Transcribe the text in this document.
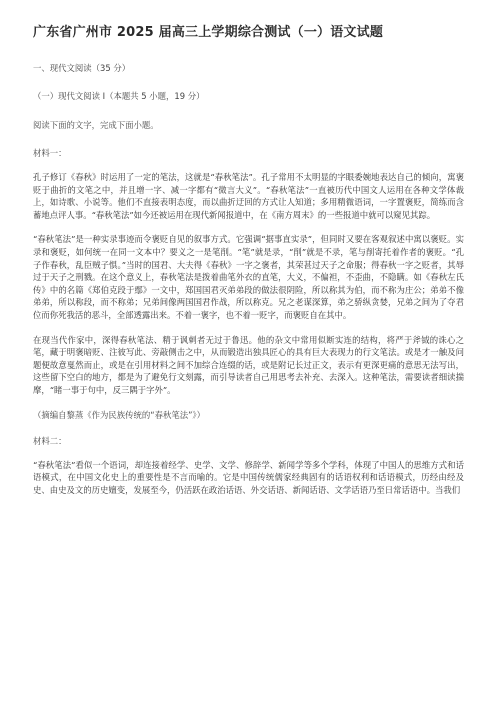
广东省广州市 2025 届高三上学期综合测试（一）语文试题

一、现代文阅读（35 分）

（一）现代文阅读 Ⅰ（本题共 5 小题，19 分）

阅读下面的文字，完成下面小题。

材料一：

孔子修订《春秋》时运用了一定的笔法，这就是“春秋笔法”。孔子常用不太明显的字眼委婉地表达自己的倾向，寓褒贬于曲折的文笔之中，并且增一字、减一字都有“微言大义”。“春秋笔法”一直被历代中国文人运用在各种文学体裁上，如诗歌、小说等。他们不直接表明态度，而以曲折迂回的方式让人知道；多用精微语词，一字置褒贬，简练而含蓄地点评人事。“春秋笔法”如今还被运用在现代新闻报道中，在《南方周末》的一些报道中就可以窥见其踪。

“春秋笔法”是一种实录事迹而令褒贬自见的叙事方式。它强调“据事直实录”，但同时又要在客观叙述中寓以褒贬。实录和褒贬，如何统一在同一文本中？要义之一是笔削。“笔”就是录，“削”就是不录，笔与削寄托着作者的褒贬。“孔子作春秋，乱臣贼子惧。”当时的国君、大夫得《春秋》一字之褒者，其荣甚过天子之命服；得春秋一字之贬者，其辱过于天子之刑戮。在这个意义上，春秋笔法是拨着曲笔外衣的直笔，大义，不偏袒，不歪曲，不隐瞒。如《春秋左氏传》中的名篇《郑伯克段于鄢》一文中，郑国国君灭弟弟段的做法很阴险，所以称其为伯，而不称为庄公；弟弟不像弟弟，所以称段，而不称弟；兄弟间像两国国君作战，所以称克。兄之老谋深算，弟之骄纵贪婪，兄弟之间为了夺君位而你死我活的恶斗，全部透露出来。不着一褒字，也不着一贬字，而褒贬自在其中。

在现当代作家中，深得春秋笔法、精于讽刺者无过于鲁迅。他的杂文中常用似断实连的结构，将严于斧钺的诛心之笔，藏于明褒暗贬、注彼写此、旁敲侧击之中，从而锻造出独具匠心的具有巨大表现力的行文笔法。或是才一触及问题便故意戛然而止，或是在引用材料之间不加综合连缀的话，或是附记长过正文，表示有更深更痛的意思无法写出，这些留下空白的地方，都是为了避免行文刻露，而引导读者自己用思考去补充、去深入。这种笔法，需要读者细读揣摩，“睹一事于句中，反三隅于字外”。

（摘编自黎蒸《作为民族传统的“春秋笔法”》）

材料二：

“春秋笔法”看似一个语词，却连接着经学、史学、文学、修辞学、新闻学等多个学科，体现了中国人的思维方式和话语模式，在中国文化史上的重要性是不言而喻的。它是中国传统儒家经典固有的话语权利和话语模式，历经由经及史、由史及文的历史嬗变，发展至今，仍活跃在政治话语、外交话语、新闻话语、文学话语乃至日常话语中。当我们
